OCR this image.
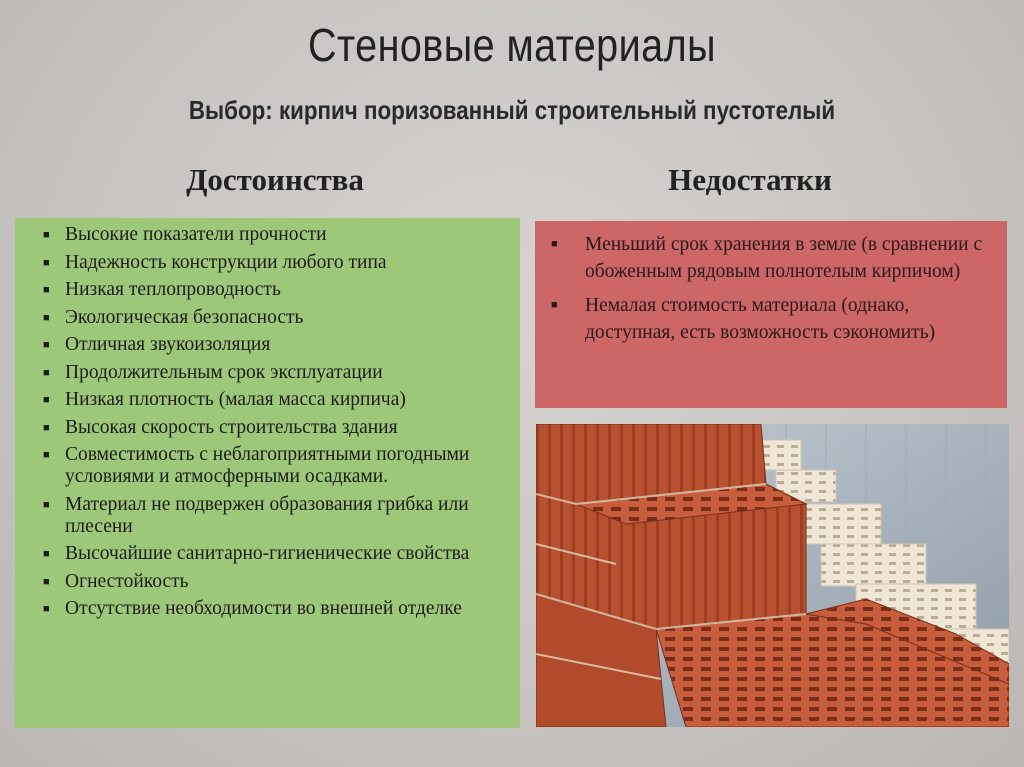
Стеновые материалы
Выбор: кирпич поризованный строительный пустотелый
Достоинства	Недостатки
■ Высокие показатели прочности
■ Надежность конструкции любого типа
■ Низкая теплопроводность
■ Экологическая безопасность
■ Отличная звукоизоляция
■ Продолжительным срок эксплуатации
■ Низкая плотность (малая масса кирпича)
■ Высокая скорость строительства здания
■ Совместимость с неблагоприятными погодными условиями и атмосферными осадками.
■ Материал не подвержен образования грибка или плесени
■ Высочайшие санитарно-гигиенические свойства
■ Огнестойкость
■ Отсутствие необходимости во внешней отделке
■ Меньший срок хранения в земле (в сравнении с обоженным рядовым полнотелым кирпичом)
■ Немалая стоимость материала (однако, доступная, есть возможность сэкономить)
